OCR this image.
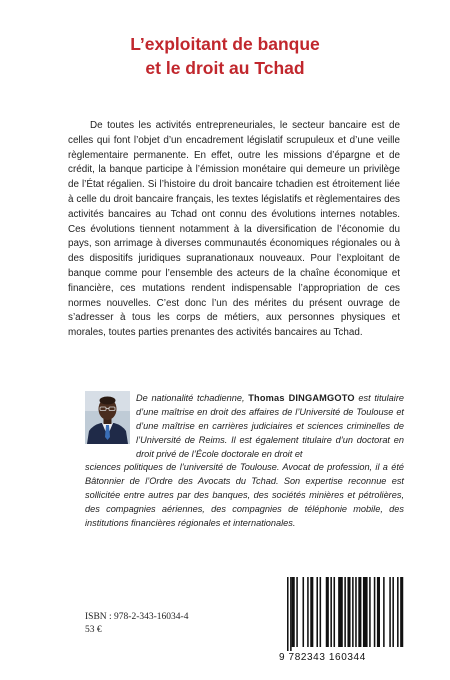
L’exploitant de banque
et le droit au Tchad

De toutes les activités entrepreneuriales, le secteur bancaire est de celles qui font l’objet d’un encadrement législatif scrupuleux et d’une veille règlementaire permanente. En effet, outre les missions d’épargne et de crédit, la banque participe à l’émission monétaire qui demeure un privilège de l’État régalien. Si l’histoire du droit bancaire tchadien est étroitement liée à celle du droit bancaire français, les textes législatifs et règlementaires des activités bancaires au Tchad ont connu des évolutions internes notables. Ces évolutions tiennent notamment à la diversification de l’économie du pays, son arrimage à diverses communautés économiques régionales ou à des dispositifs juridiques supranationaux nouveaux. Pour l’exploitant de banque comme pour l’ensemble des acteurs de la chaîne économique et financière, ces mutations rendent indispensable l’appropriation de ces normes nouvelles. C’est donc l’un des mérites du présent ouvrage de s’adresser à tous les corps de métiers, aux personnes physiques et morales, toutes parties prenantes des activités bancaires au Tchad.

De nationalité tchadienne, Thomas DINGAMGOTO est titulaire d’une maîtrise en droit des affaires de l’Université de Toulouse et d’une maîtrise en carrières judiciaires et sciences criminelles de l’Université de Reims. Il est également titulaire d’un doctorat en droit privé de l’École doctorale en droit et

sciences politiques de l’université de Toulouse. Avocat de profession, il a été Bâtonnier de l’Ordre des Avocats du Tchad. Son expertise reconnue est sollicitée entre autres par des banques, des sociétés minières et pétrolières, des compagnies aériennes, des compagnies de téléphonie mobile, des institutions financières régionales et internationales.

ISBN : 978-2-343-16034-4
53 €
9 782343 160344
